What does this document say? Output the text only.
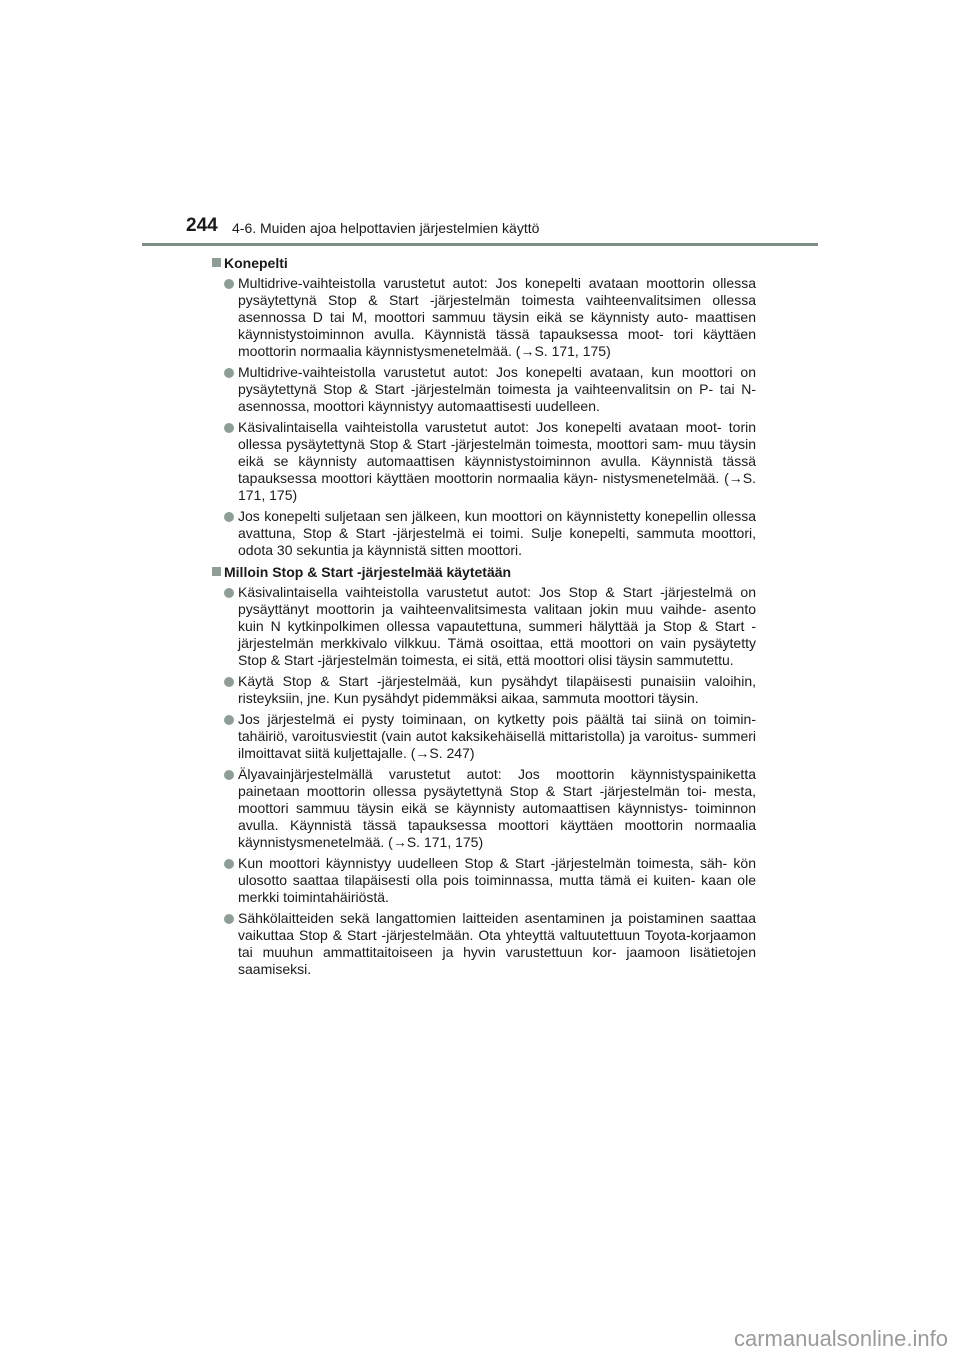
244 4-6. Muiden ajoa helpottavien järjestelmien käyttö
Konepelti
Multidrive-vaihteistolla varustetut autot: Jos konepelti avataan moottorin ollessa pysäytettynä Stop & Start -järjestelmän toimesta vaihteenvalitsimen ollessa asennossa D tai M, moottori sammuu täysin eikä se käynnisty auto- maattisen käynnistystoiminnon avulla. Käynnistä tässä tapauksessa moot- tori käyttäen moottorin normaalia käynnistysmenetelmää. (→S. 171, 175)
Multidrive-vaihteistolla varustetut autot: Jos konepelti avataan, kun moottori on pysäytettynä Stop & Start -järjestelmän toimesta ja vaihteenvalitsin on P- tai N-asennossa, moottori käynnistyy automaattisesti uudelleen.
Käsivalintaisella vaihteistolla varustetut autot: Jos konepelti avataan moot- torin ollessa pysäytettynä Stop & Start -järjestelmän toimesta, moottori sam- muu täysin eikä se käynnisty automaattisen käynnistystoiminnon avulla. Käynnistä tässä tapauksessa moottori käyttäen moottorin normaalia käyn- nistysmenetelmää. (→S. 171, 175)
Jos konepelti suljetaan sen jälkeen, kun moottori on käynnistetty konepellin ollessa avattuna, Stop & Start -järjestelmä ei toimi. Sulje konepelti, sammuta moottori, odota 30 sekuntia ja käynnistä sitten moottori.
Milloin Stop & Start -järjestelmää käytetään
Käsivalintaisella vaihteistolla varustetut autot: Jos Stop & Start -järjestelmä on pysäyttänyt moottorin ja vaihteenvalitsimesta valitaan jokin muu vaihde- asento kuin N kytkinpolkimen ollessa vapautettuna, summeri hälyttää ja Stop & Start -järjestelmän merkkivalo vilkkuu. Tämä osoittaa, että moottori on vain pysäytetty Stop & Start -järjestelmän toimesta, ei sitä, että moottori olisi täysin sammutettu.
Käytä Stop & Start -järjestelmää, kun pysähdyt tilapäisesti punaisiin valoihin, risteyksiin, jne. Kun pysähdyt pidemmäksi aikaa, sammuta moottori täysin.
Jos järjestelmä ei pysty toiminaan, on kytketty pois päältä tai siinä on toimin- tahäiriö, varoitusviestit (vain autot kaksikehäisellä mittaristolla) ja varoitus- summeri ilmoittavat siitä kuljettajalle. (→S. 247)
Älyavainjärjestelmällä varustetut autot: Jos moottorin käynnistyspainiketta painetaan moottorin ollessa pysäytettynä Stop & Start -järjestelmän toi- mesta, moottori sammuu täysin eikä se käynnisty automaattisen käynnistys- toiminnon avulla. Käynnistä tässä tapauksessa moottori käyttäen moottorin normaalia käynnistysmenetelmää. (→S. 171, 175)
Kun moottori käynnistyy uudelleen Stop & Start -järjestelmän toimesta, säh- kön ulosotto saattaa tilapäisesti olla pois toiminnassa, mutta tämä ei kuiten- kaan ole merkki toimintahäiriöstä.
Sähkölaitteiden sekä langattomien laitteiden asentaminen ja poistaminen saattaa vaikuttaa Stop & Start -järjestelmään. Ota yhteyttä valtuutettuun Toyota-korjaamon tai muuhun ammattitaitoiseen ja hyvin varustettuun kor- jaamoon lisätietojen saamiseksi.
carmanualsonline.info
